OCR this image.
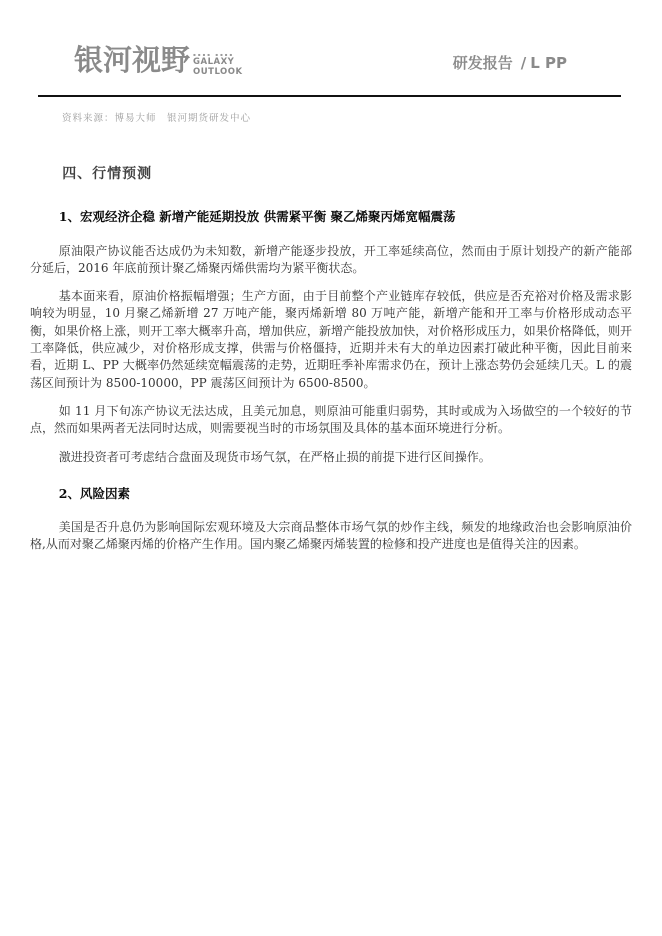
银河视野 ▪▪▪▪ ▪▪▪▪
GALAXY
OUTLOOK
研发报告 / L PP
资料来源：博易大师　银河期货研发中心
四、行情预测
1、宏观经济企稳 新增产能延期投放 供需紧平衡 聚乙烯聚丙烯宽幅震荡

原油限产协议能否达成仍为未知数，新增产能逐步投放，开工率延续高位，然而由于原计划投产的新产能部分延后，2016 年底前预计聚乙烯聚丙烯供需均为紧平衡状态。

基本面来看，原油价格振幅增强；生产方面，由于目前整个产业链库存较低，供应是否充裕对价格及需求影响较为明显，10 月聚乙烯新增 27 万吨产能，聚丙烯新增 80 万吨产能，新增产能和开工率与价格形成动态平衡，如果价格上涨，则开工率大概率升高，增加供应，新增产能投放加快，对价格形成压力，如果价格降低，则开工率降低，供应减少，对价格形成支撑，供需与价格僵持，近期并未有大的单边因素打破此种平衡，因此目前来看，近期 L、PP 大概率仍然延续宽幅震荡的走势，近期旺季补库需求仍在，预计上涨态势仍会延续几天。L 的震荡区间预计为 8500-10000，PP 震荡区间预计为 6500-8500。

如 11 月下旬冻产协议无法达成，且美元加息，则原油可能重归弱势，其时或成为入场做空的一个较好的节点，然而如果两者无法同时达成，则需要视当时的市场氛围及具体的基本面环境进行分析。

激进投资者可考虑结合盘面及现货市场气氛，在严格止损的前提下进行区间操作。

2、风险因素

美国是否升息仍为影响国际宏观环境及大宗商品整体市场气氛的炒作主线，频发的地缘政治也会影响原油价格,从而对聚乙烯聚丙烯的价格产生作用。国内聚乙烯聚丙烯装置的检修和投产进度也是值得关注的因素。
